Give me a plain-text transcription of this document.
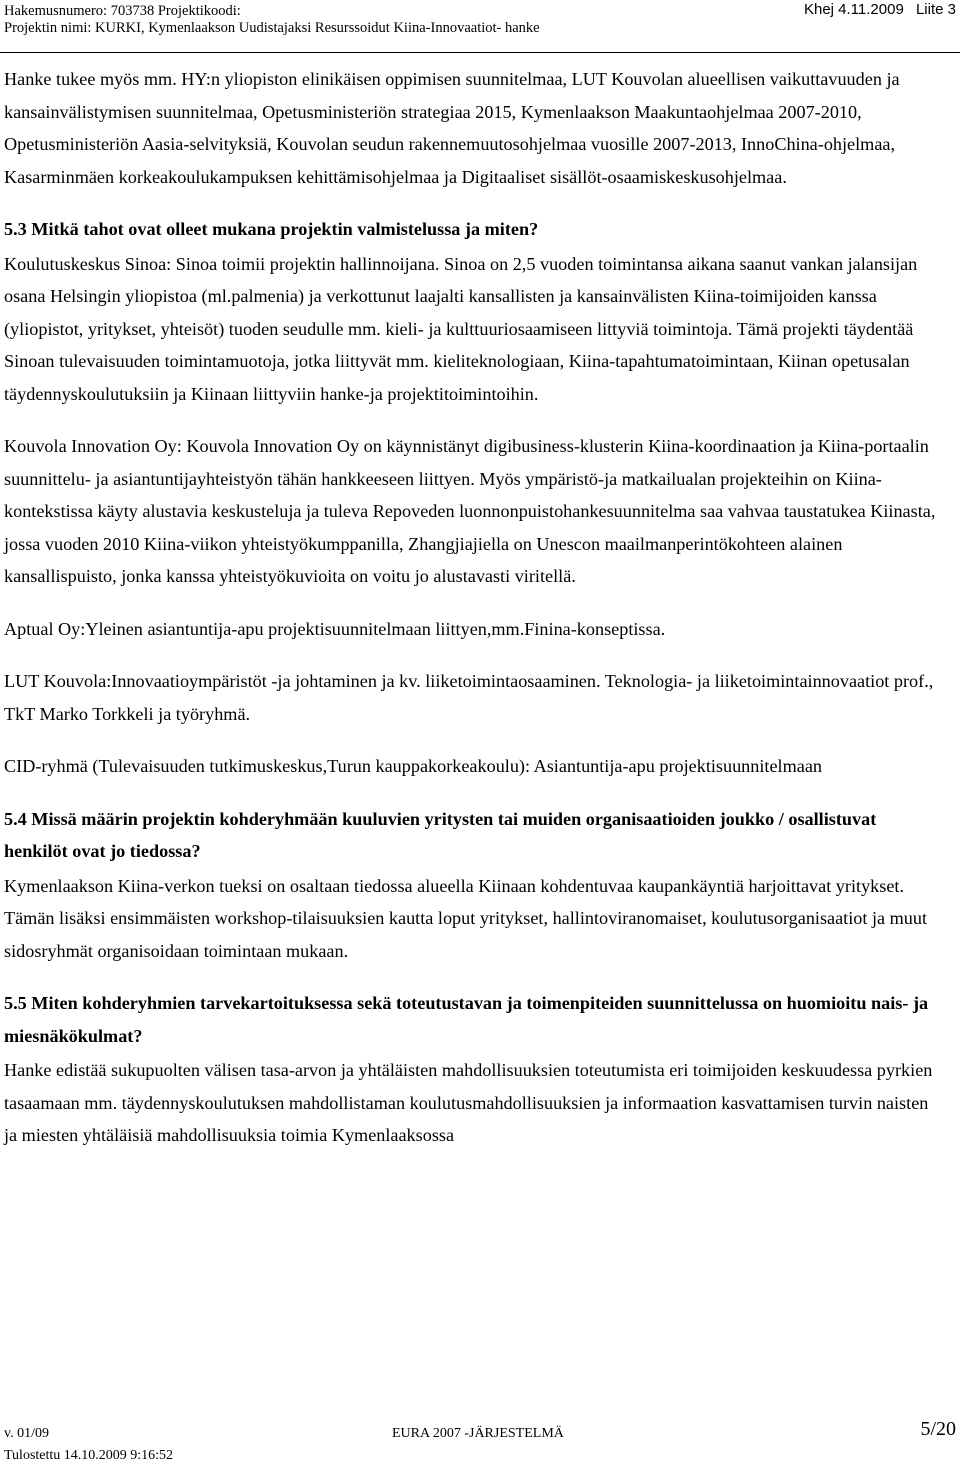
Hakemusnumero: 703738 Projektikoodi:
Projektin nimi: KURKI, Kymenlaakson Uudistajaksi Resurssoidut Kiina-Innovaatiot- hanke
Khej 4.11.2009 Liite 3

Hanke tukee myös mm. HY:n yliopiston elinikäisen oppimisen suunnitelmaa, LUT Kouvolan alueellisen vaikuttavuuden ja kansainvälistymisen suunnitelmaa, Opetusministeriön strategiaa 2015, Kymenlaakson Maakuntaohjelmaa 2007-2010, Opetusministeriön Aasia-selvityksiä, Kouvolan seudun rakennemuutosohjelmaa vuosille 2007-2013, InnoChina-ohjelmaa, Kasarminmäen korkeakoulukampuksen kehittämisohjelmaa ja Digitaaliset sisällöt-osaamiskeskusohjelmaa.

5.3 Mitkä tahot ovat olleet mukana projektin valmistelussa ja miten?

Koulutuskeskus Sinoa: Sinoa toimii projektin hallinnoijana. Sinoa on 2,5 vuoden toimintansa aikana saanut vankan jalansijan osana Helsingin yliopistoa (ml.palmenia) ja verkottunut laajalti kansallisten ja kansainvälisten Kiina-toimijoiden kanssa (yliopistot, yritykset, yhteisöt) tuoden seudulle mm. kieli- ja kulttuuriosaamiseen littyviä toimintoja. Tämä projekti täydentää Sinoan tulevaisuuden toimintamuotoja, jotka liittyvät mm. kieliteknologiaan, Kiina-tapahtumatoimintaan, Kiinan opetusalan täydennyskoulutuksiin ja Kiinaan liittyviin hanke-ja projektitoimintoihin.

Kouvola Innovation Oy: Kouvola Innovation Oy on käynnistänyt digibusiness-klusterin Kiina-koordinaation ja Kiina-portaalin suunnittelu- ja asiantuntijayhteistyön tähän hankkeeseen liittyen. Myös ympäristö-ja matkailualan projekteihin on Kiina-kontekstissa käyty alustavia keskusteluja ja tuleva Repoveden luonnonpuistohankesuunnitelma saa vahvaa taustatukea Kiinasta, jossa vuoden 2010 Kiina-viikon yhteistyökumppanilla, Zhangjiajiella on Unescon maailmanperintökohteen alainen kansallispuisto, jonka kanssa yhteistyökuvioita on voitu jo alustavasti viritellä.

Aptual Oy:Yleinen asiantuntija-apu projektisuunnitelmaan liittyen,mm.Finina-konseptissa.

LUT Kouvola:Innovaatioympäristöt -ja johtaminen ja kv. liiketoimintaosaaminen. Teknologia- ja liiketoimintainnovaatiot prof., TkT Marko Torkkeli ja työryhmä.

CID-ryhmä (Tulevaisuuden tutkimuskeskus,Turun kauppakorkeakoulu): Asiantuntija-apu projektisuunnitelmaan

5.4 Missä määrin projektin kohderyhmään kuuluvien yritysten tai muiden organisaatioiden joukko / osallistuvat henkilöt ovat jo tiedossa?

Kymenlaakson Kiina-verkon tueksi on osaltaan tiedossa alueella Kiinaan kohdentuvaa kaupankäyntiä harjoittavat yritykset. Tämän lisäksi ensimmäisten workshop-tilaisuuksien kautta loput yritykset, hallintoviranomaiset, koulutusorganisaatiot ja muut sidosryhmät organisoidaan toimintaan mukaan.

5.5 Miten kohderyhmien tarvekartoituksessa sekä toteutustavan ja toimenpiteiden suunnittelussa on huomioitu nais- ja miesnäkökulmat?

Hanke edistää sukupuolten välisen tasa-arvon ja yhtäläisten mahdollisuuksien toteutumista eri toimijoiden keskuudessa pyrkien tasaamaan mm. täydennyskoulutuksen mahdollistaman koulutusmahdollisuuksien ja informaation kasvattamisen turvin naisten ja miesten yhtäläisiä mahdollisuuksia toimia Kymenlaaksossa

v. 01/09	EURA 2007 -JÄRJESTELMÄ	5/20
Tulostettu 14.10.2009 9:16:52
